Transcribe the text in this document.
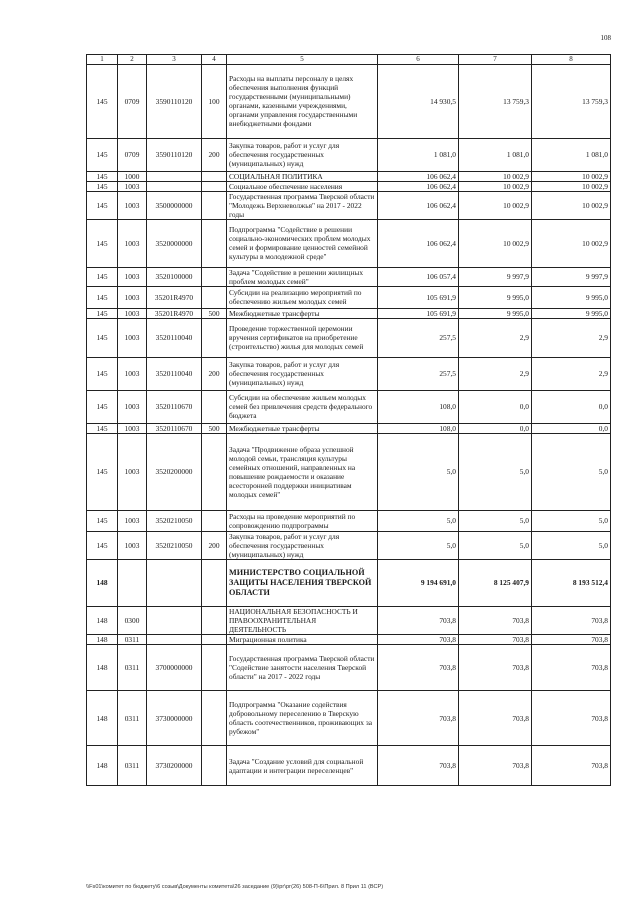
108
1	2	3	4	5	6	7	8
145	0709	3590110120	100	Расходы на выплаты персоналу в целях обеспечения выполнения функций государственными (муниципальными) органами, казенными учреждениями, органами управления государственными внебюджетными фондами	14 930,5	13 759,3	13 759,3
145	0709	3590110120	200	Закупка товаров, работ и услуг для обеспечения государственных (муниципальных) нужд	1 081,0	1 081,0	1 081,0
145	1000			СОЦИАЛЬНАЯ ПОЛИТИКА	106 062,4	10 002,9	10 002,9
145	1003			Социальное обеспечение населения	106 062,4	10 002,9	10 002,9
145	1003	3500000000		Государственная программа Тверской области "Молодежь Верхневолжья" на 2017 - 2022 годы	106 062,4	10 002,9	10 002,9
145	1003	3520000000		Подпрограмма "Содействие в решении социально-экономических проблем молодых семей и формирование ценностей семейной культуры в молодежной среде"	106 062,4	10 002,9	10 002,9
145	1003	3520100000		Задача "Содействие в решении жилищных проблем молодых семей"	106 057,4	9 997,9	9 997,9
145	1003	35201R4970		Субсидии на реализацию мероприятий по обеспечению жильем молодых семей	105 691,9	9 995,0	9 995,0
145	1003	35201R4970	500	Межбюджетные трансферты	105 691,9	9 995,0	9 995,0
145	1003	3520110040		Проведение торжественной церемонии вручения сертификатов на приобретение (строительство) жилья для молодых семей	257,5	2,9	2,9
145	1003	3520110040	200	Закупка товаров, работ и услуг для обеспечения государственных (муниципальных) нужд	257,5	2,9	2,9
145	1003	3520110670		Субсидии на обеспечение жильем молодых семей без привлечения средств федерального бюджета	108,0	0,0	0,0
145	1003	3520110670	500	Межбюджетные трансферты	108,0	0,0	0,0
145	1003	3520200000		Задача "Продвижение образа успешной молодой семьи, трансляция культуры семейных отношений, направленных на повышение рождаемости и оказание всесторонней поддержки инициативам молодых семей"	5,0	5,0	5,0
145	1003	3520210050		Расходы на проведение мероприятий по сопровождению подпрограммы	5,0	5,0	5,0
145	1003	3520210050	200	Закупка товаров, работ и услуг для обеспечения государственных (муниципальных) нужд	5,0	5,0	5,0
148				МИНИСТЕРСТВО СОЦИАЛЬНОЙ ЗАЩИТЫ НАСЕЛЕНИЯ ТВЕРСКОЙ ОБЛАСТИ	9 194 691,0	8 125 407,9	8 193 512,4
148	0300			НАЦИОНАЛЬНАЯ БЕЗОПАСНОСТЬ И ПРАВООХРАНИТЕЛЬНАЯ ДЕЯТЕЛЬНОСТЬ	703,8	703,8	703,8
148	0311			Миграционная политика	703,8	703,8	703,8
148	0311	3700000000		Государственная программа Тверской области "Содействие занятости населения Тверской области" на 2017 - 2022 годы	703,8	703,8	703,8
148	0311	3730000000		Подпрограмма "Оказание содействия добровольному переселению в Тверскую область соотечественников, проживающих за рубежом"	703,8	703,8	703,8
148	0311	3730200000		Задача "Создание условий для социальной адаптации и интеграции переселенцев"	703,8	703,8	703,8
\\Fs01\комитет по бюджету\6 созыв\Документы комитета\26 заседание (9)\рг\рг(26) 508-П-6\Прил. 8 Прил 11 (ВСР)
